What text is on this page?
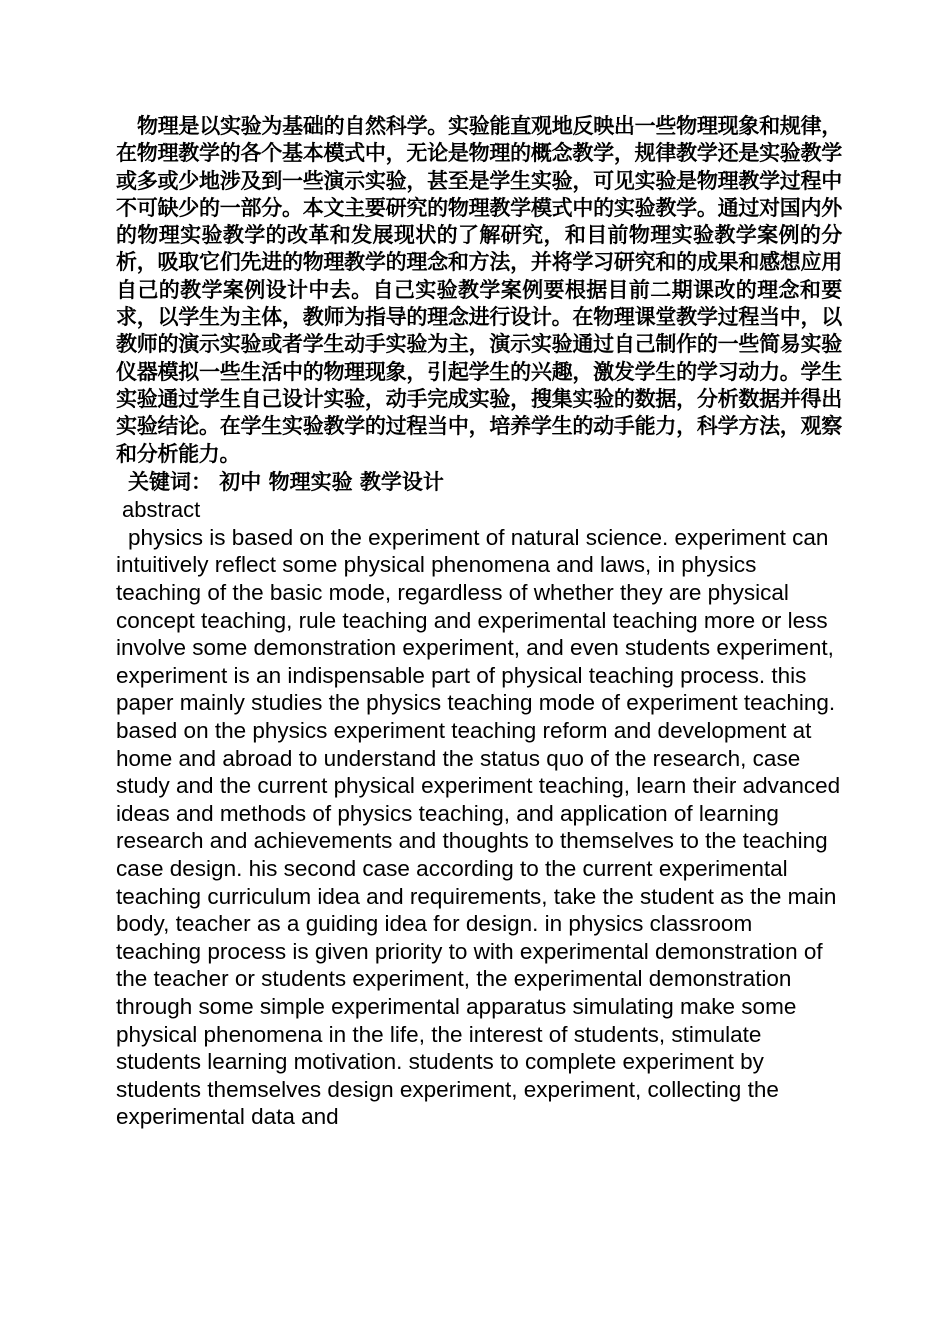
物理是以实验为基础的自然科学。实验能直观地反映出一些物理现象和规律，在物理教学的各个基本模式中，无论是物理的概念教学，规律教学还是实验教学或多或少地涉及到一些演示实验，甚至是学生实验，可见实验是物理教学过程中不可缺少的一部分。本文主要研究的物理教学模式中的实验教学。通过对国内外的物理实验教学的改革和发展现状的了解研究，和目前物理实验教学案例的分析，吸取它们先进的物理教学的理念和方法，并将学习研究和的成果和感想应用自己的教学案例设计中去。自己实验教学案例要根据目前二期课改的理念和要求，以学生为主体，教师为指导的理念进行设计。在物理课堂教学过程当中，以教师的演示实验或者学生动手实验为主，演示实验通过自己制作的一些简易实验仪器模拟一些生活中的物理现象，引起学生的兴趣，激发学生的学习动力。学生实验通过学生自己设计实验，动手完成实验，搜集实验的数据，分析数据并得出实验结论。在学生实验教学的过程当中，培养学生的动手能力，科学方法，观察和分析能力。

关键词： 初中 物理实验 教学设计

abstract

physics is based on the experiment of natural science. experiment can intuitively reflect some physical phenomena and laws, in physics teaching of the basic mode, regardless of whether they are physical concept teaching, rule teaching and experimental teaching more or less involve some demonstration experiment, and even students experiment, experiment is an indispensable part of physical teaching process. this paper mainly studies the physics teaching mode of experiment teaching. based on the physics experiment teaching reform and development at home and abroad to understand the status quo of the research, case study and the current physical experiment teaching, learn their advanced ideas and methods of physics teaching, and application of learning research and achievements and thoughts to themselves to the teaching case design. his second case according to the current experimental teaching curriculum idea and requirements, take the student as the main body, teacher as a guiding idea for design. in physics classroom teaching process is given priority to with experimental demonstration of the teacher or students experiment, the experimental demonstration through some simple experimental apparatus simulating make some physical phenomena in the life, the interest of students, stimulate students learning motivation. students to complete experiment by students themselves design experiment, experiment, collecting the experimental data and
